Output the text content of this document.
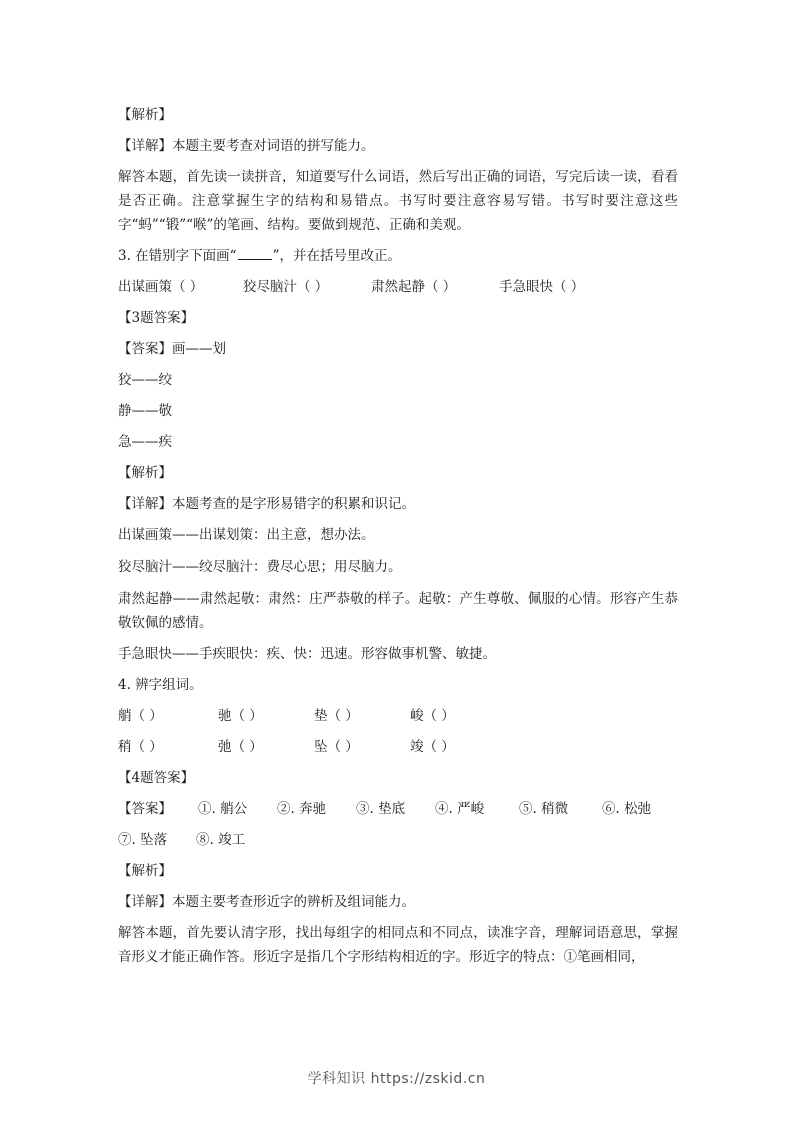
【解析】
【详解】本题主要考查对词语的拼写能力。
解答本题，首先读一读拼音，知道要写什么词语，然后写出正确的词语，写完后读一读，看看是否正确。注意掌握生字的结构和易错点。书写时要注意容易写错。书写时要注意这些字“蚂”“锻”“喉”的笔画、结构。要做到规范、正确和美观。
3. 在错别字下面画“	”，并在括号里改正。
出谋画策（ ）	狡尽脑汁（ ）	肃然起静（ ）	手急眼快（ ）
【3题答案】
【答案】画——划
狡——绞
静——敬
急——疾
【解析】
【详解】本题考查的是字形易错字的积累和识记。
出谋画策——出谋划策：出主意，想办法。
狡尽脑汁——绞尽脑汁：费尽心思；用尽脑力。
肃然起静——肃然起敬：肃然：庄严恭敬的样子。起敬：产生尊敬、佩服的心情。形容产生恭敬钦佩的感情。
手急眼快——手疾眼快：疾、快：迅速。形容做事机警、敏捷。
4. 辨字组词。
艄（ ）	驰（ ）	垫（ ）	峻（ ）
稍（ ）	弛（ ）	坠（ ）	竣（ ）
【4题答案】
【答案】 ①. 艄公 ②. 奔驰 ③. 垫底 ④. 严峻	⑤. 稍微	⑥. 松弛
⑦. 坠落 ⑧. 竣工
【解析】
【详解】本题主要考查形近字的辨析及组词能力。
解答本题，首先要认清字形，找出每组字的相同点和不同点，读准字音，理解词语意思，掌握音形义才能正确作答。形近字是指几个字形结构相近的字。形近字的特点：①笔画相同，
学科知识 https://zskid.cn
